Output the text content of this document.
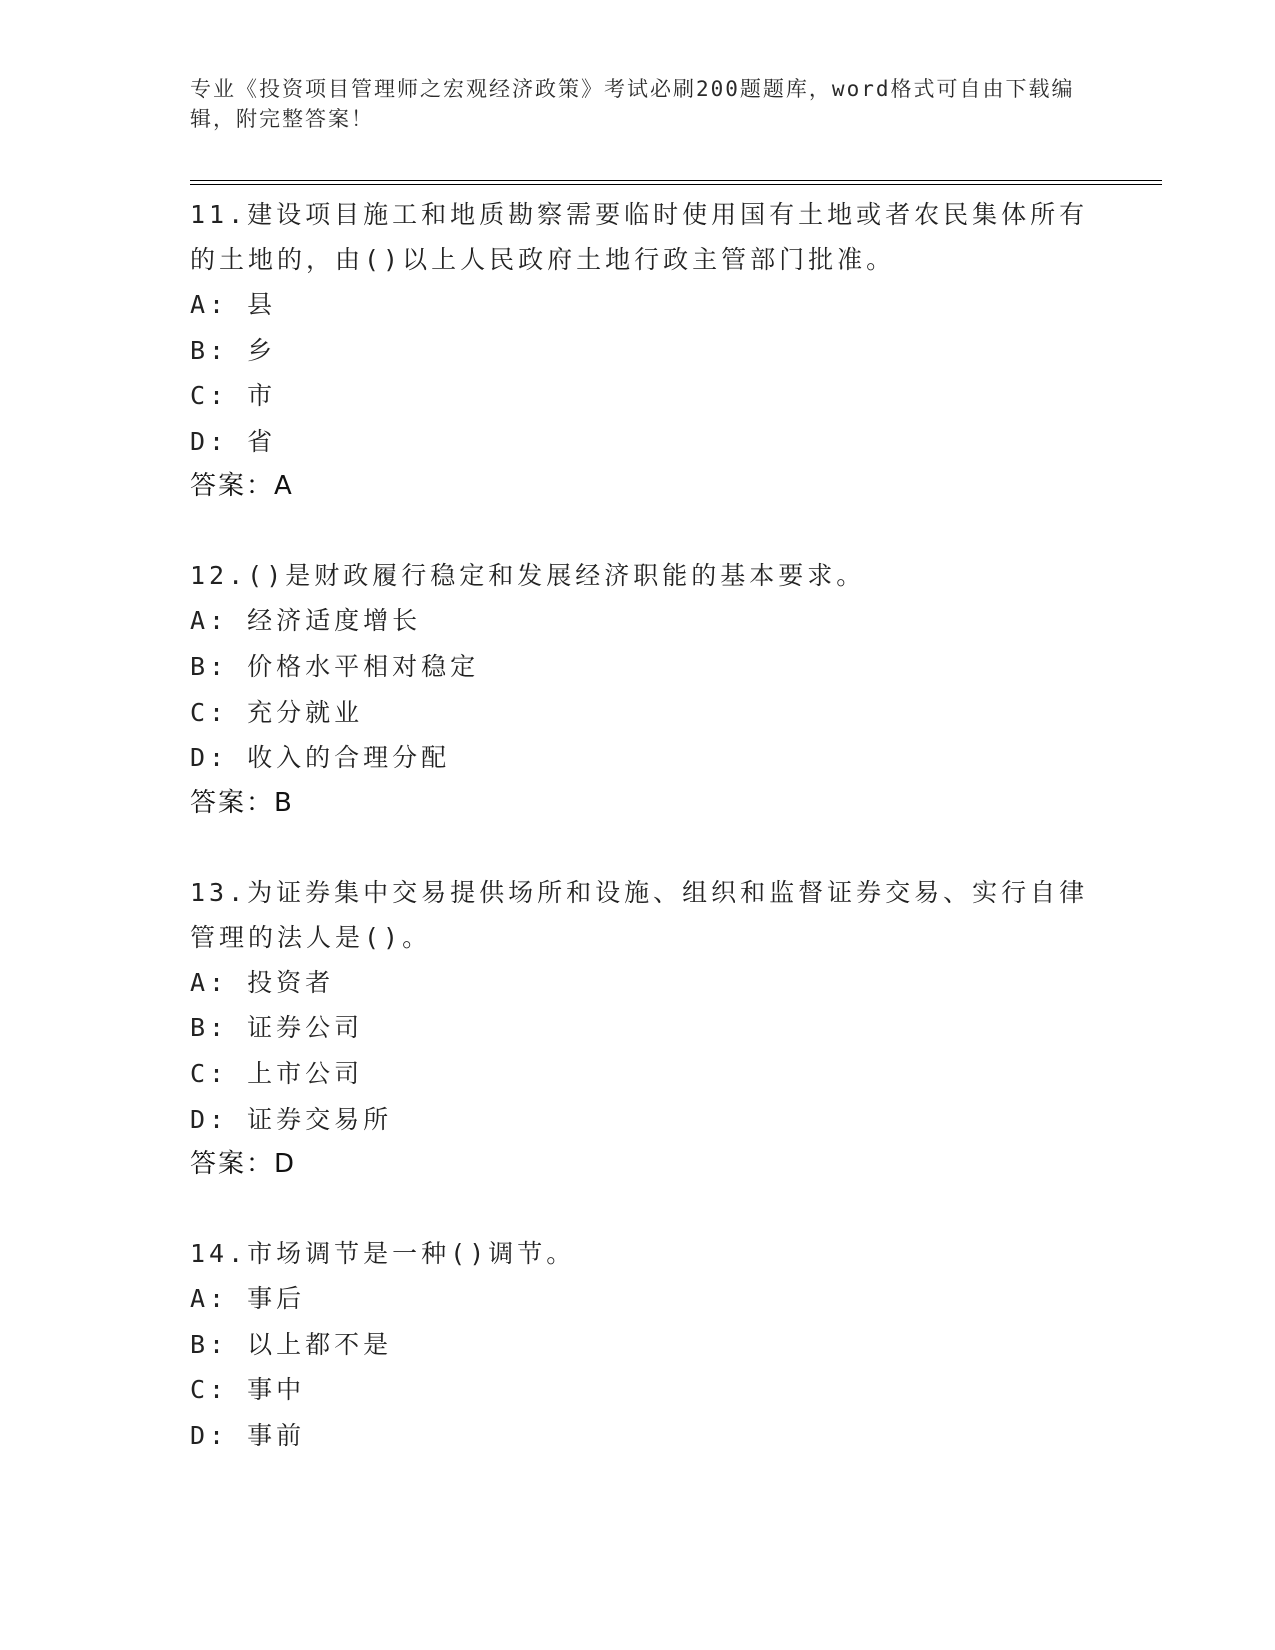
专业《投资项目管理师之宏观经济政策》考试必刷200题题库，word格式可自由下载编辑，附完整答案！

11.建设项目施工和地质勘察需要临时使用国有土地或者农民集体所有的土地的，由()以上人民政府土地行政主管部门批准。

A: 县

B: 乡

C: 市

D: 省

答案：A

12.()是财政履行稳定和发展经济职能的基本要求。

A: 经济适度增长

B: 价格水平相对稳定

C: 充分就业

D: 收入的合理分配

答案：B

13.为证券集中交易提供场所和设施、组织和监督证券交易、实行自律管理的法人是()。

A: 投资者

B: 证券公司

C: 上市公司

D: 证券交易所

答案：D

14.市场调节是一种()调节。

A: 事后

B: 以上都不是

C: 事中

D: 事前
